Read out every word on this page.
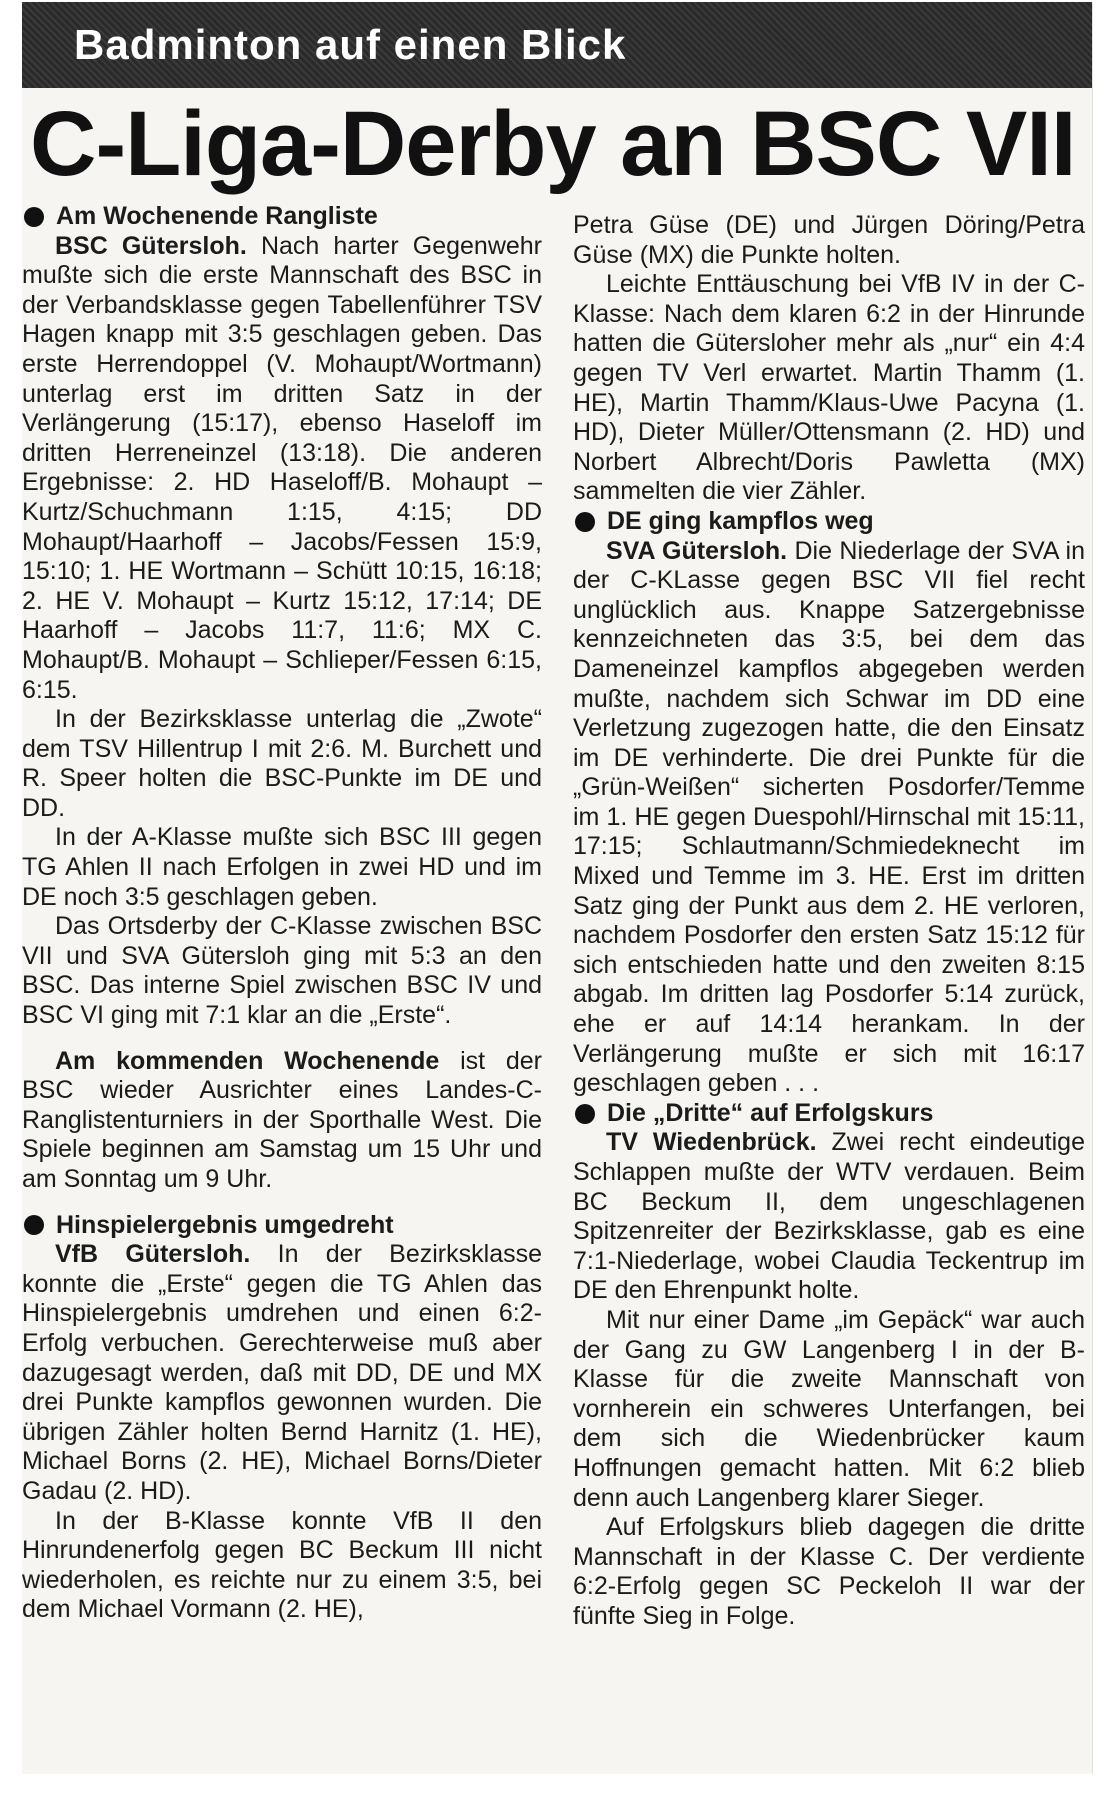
Badminton auf einen Blick
C-Liga-Derby an BSC VII
Am Wochenende Rangliste

BSC Gütersloh. Nach harter Gegenwehr mußte sich die erste Mannschaft des BSC in der Verbandsklasse gegen Tabellenführer TSV Hagen knapp mit 3:5 geschlagen geben. Das erste Herrendoppel (V. Mohaupt/Wortmann) unterlag erst im dritten Satz in der Verlängerung (15:17), ebenso Haseloff im dritten Herreneinzel (13:18). Die anderen Ergebnisse: 2. HD Haseloff/B. Mohaupt – Kurtz/Schuchmann 1:15, 4:15; DD Mohaupt/Haarhoff – Jacobs/Fessen 15:9, 15:10; 1. HE Wortmann – Schütt 10:15, 16:18; 2. HE V. Mohaupt – Kurtz 15:12, 17:14; DE Haarhoff – Jacobs 11:7, 11:6; MX C. Mohaupt/B. Mohaupt – Schlieper/Fessen 6:15, 6:15.

In der Bezirksklasse unterlag die „Zwote“ dem TSV Hillentrup I mit 2:6. M. Burchett und R. Speer holten die BSC-Punkte im DE und DD.

In der A-Klasse mußte sich BSC III gegen TG Ahlen II nach Erfolgen in zwei HD und im DE noch 3:5 geschlagen geben.

Das Ortsderby der C-Klasse zwischen BSC VII und SVA Gütersloh ging mit 5:3 an den BSC. Das interne Spiel zwischen BSC IV und BSC VI ging mit 7:1 klar an die „Erste“.

Am kommenden Wochenende ist der BSC wieder Ausrichter eines Landes-C-Ranglistenturniers in der Sporthalle West. Die Spiele beginnen am Samstag um 15 Uhr und am Sonntag um 9 Uhr.

Hinspielergebnis umgedreht

VfB Gütersloh. In der Bezirksklasse konnte die „Erste“ gegen die TG Ahlen das Hinspielergebnis umdrehen und einen 6:2-Erfolg verbuchen. Gerechterweise muß aber dazugesagt werden, daß mit DD, DE und MX drei Punkte kampflos gewonnen wurden. Die übrigen Zähler holten Bernd Harnitz (1. HE), Michael Borns (2. HE), Michael Borns/Dieter Gadau (2. HD).

In der B-Klasse konnte VfB II den Hinrundenerfolg gegen BC Beckum III nicht wiederholen, es reichte nur zu einem 3:5, bei dem Michael Vormann (2. HE),

Petra Güse (DE) und Jürgen Döring/Petra Güse (MX) die Punkte holten.

Leichte Enttäuschung bei VfB IV in der C-Klasse: Nach dem klaren 6:2 in der Hinrunde hatten die Gütersloher mehr als „nur“ ein 4:4 gegen TV Verl erwartet. Martin Thamm (1. HE), Martin Thamm/Klaus-Uwe Pacyna (1. HD), Dieter Müller/Ottensmann (2. HD) und Norbert Albrecht/Doris Pawletta (MX) sammelten die vier Zähler.

DE ging kampflos weg

SVA Gütersloh. Die Niederlage der SVA in der C-KLasse gegen BSC VII fiel recht unglücklich aus. Knappe Satzergebnisse kennzeichneten das 3:5, bei dem das Dameneinzel kampflos abgegeben werden mußte, nachdem sich Schwar im DD eine Verletzung zugezogen hatte, die den Einsatz im DE verhinderte. Die drei Punkte für die „Grün-Weißen“ sicherten Posdorfer/Temme im 1. HE gegen Duespohl/Hirnschal mit 15:11, 17:15; Schlautmann/Schmiedeknecht im Mixed und Temme im 3. HE. Erst im dritten Satz ging der Punkt aus dem 2. HE verloren, nachdem Posdorfer den ersten Satz 15:12 für sich entschieden hatte und den zweiten 8:15 abgab. Im dritten lag Posdorfer 5:14 zurück, ehe er auf 14:14 herankam. In der Verlängerung mußte er sich mit 16:17 geschlagen geben . . .

Die „Dritte“ auf Erfolgskurs

TV Wiedenbrück. Zwei recht eindeutige Schlappen mußte der WTV verdauen. Beim BC Beckum II, dem ungeschlagenen Spitzenreiter der Bezirksklasse, gab es eine 7:1-Niederlage, wobei Claudia Teckentrup im DE den Ehrenpunkt holte.

Mit nur einer Dame „im Gepäck“ war auch der Gang zu GW Langenberg I in der B-Klasse für die zweite Mannschaft von vornherein ein schweres Unterfangen, bei dem sich die Wiedenbrücker kaum Hoffnungen gemacht hatten. Mit 6:2 blieb denn auch Langenberg klarer Sieger.

Auf Erfolgskurs blieb dagegen die dritte Mannschaft in der Klasse C. Der verdiente 6:2-Erfolg gegen SC Peckeloh II war der fünfte Sieg in Folge.
